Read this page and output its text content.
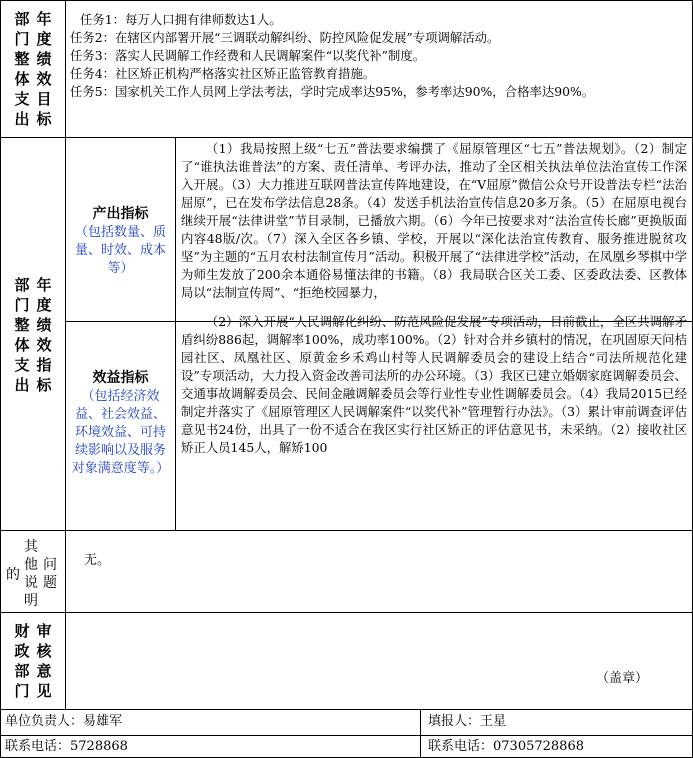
部 年
门 度
整 绩
体 效
支 目
出 标
任务1：每万人口拥有律师数达1人。
任务2：在辖区内部署开展“三调联动解纠纷、防控风险促发展”专项调解活动。
任务3：落实人民调解工作经费和人民调解案件“以奖代补”制度。
任务4：社区矫正机构严格落实社区矫正监管教育措施。
任务5：国家机关工作人员网上学法考法，学时完成率达95%，参考率达90%，合格率达90%。
部 年
门 度
整 绩
体 效
支 指
出 标
产出指标
（包括数量、质量、时效、成本等）
（1）我局按照上级“七五”普法要求编撰了《屈原管理区“七五”普法规划》。（2）制定了“谁执法谁普法”的方案、责任清单、考评办法，推动了全区相关执法单位法治宣传工作深入开展。（3）大力推进互联网普法宣传阵地建设，在“V屈原”微信公众号开设普法专栏“法治屈原”，已在发布学法信息28条。（4）发送手机法治宣传信息20多万条。（5）在屈原电视台继续开展“法律讲堂”节目录制，已播放六期。（6）今年已按要求对“法治宣传长廊”更换版面内容48版/次。（7）深入全区各乡镇、学校，开展以“深化法治宣传教育、服务推进脱贫攻坚”为主题的“五月农村法制宣传月”活动。积极开展了“法律进学校”活动，在凤凰乡琴棋中学为师生发放了200余本通俗易懂法律的书籍。（8）我局联合区关工委、区委政法委、区教体局以“法制宣传周”、“拒绝校园暴力，
效益指标
（包括经济效益、社会效益、环境效益、可持续影响以及服务对象满意度等。）
（2）深入开展“人民调解化纠纷、防范风险促发展”专项活动，目前截止，全区共调解矛盾纠纷886起，调解率100%，成功率100%。（2）针对合并乡镇村的情况，在巩固原天问桔园社区、凤凰社区、原黄金乡禾鸡山村等人民调解委员会的建设上结合“司法所规范化建设”专项活动，大力投入资金改善司法所的办公环境。（3）我区已建立婚姻家庭调解委员会、交通事故调解委员会、民间金融调解委员会等行业性专业性调解委员会。（4）我局2015已经制定并落实了《屈原管理区人民调解案件“以奖代补”管理暂行办法》。（3）累计审前调查评估意见书24份，出具了一份不适合在我区实行社区矫正的评估意见书，未采纳。（2）接收社区矫正人员145人，解矫100
其
他 问
的 题
说
明
无。
财 审
政 核
部 意
门 见
（盖章）
单位负责人：易雄军	填报人：王星
联系电话：5728868	联系电话：07305728868
